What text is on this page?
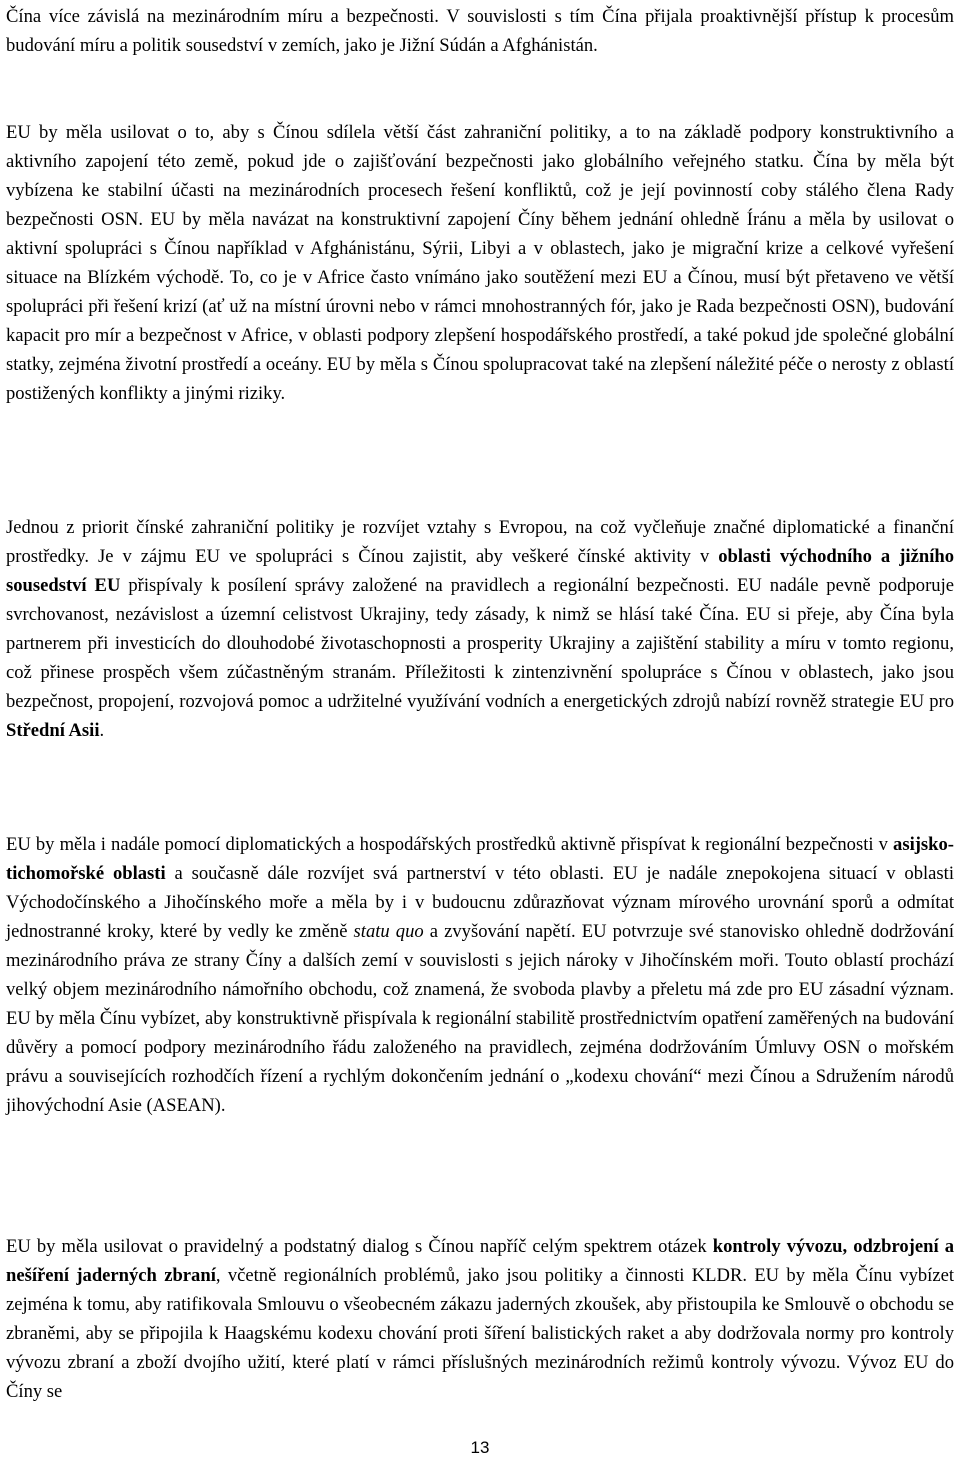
Čína více závislá na mezinárodním míru a bezpečnosti. V souvislosti s tím Čína přijala proaktivnější přístup k procesům budování míru a politik sousedství v zemích, jako je Jižní Súdán a Afghánistán.

EU by měla usilovat o to, aby s Čínou sdílela větší část zahraniční politiky, a to na základě podpory konstruktivního a aktivního zapojení této země, pokud jde o zajišťování bezpečnosti jako globálního veřejného statku. Čína by měla být vybízena ke stabilní účasti na mezinárodních procesech řešení konfliktů, což je její povinností coby stálého člena Rady bezpečnosti OSN. EU by měla navázat na konstruktivní zapojení Číny během jednání ohledně Íránu a měla by usilovat o aktivní spolupráci s Čínou například v Afghánistánu, Sýrii, Libyi a v oblastech, jako je migrační krize a celkové vyřešení situace na Blízkém východě. To, co je v Africe často vnímáno jako soutěžení mezi EU a Čínou, musí být přetaveno ve větší spolupráci při řešení krizí (ať už na místní úrovni nebo v rámci mnohostranných fór, jako je Rada bezpečnosti OSN), budování kapacit pro mír a bezpečnost v Africe, v oblasti podpory zlepšení hospodářského prostředí, a také pokud jde společné globální statky, zejména životní prostředí a oceány. EU by měla s Čínou spolupracovat také na zlepšení náležité péče o nerosty z oblastí postižených konflikty a jinými riziky.

Jednou z priorit čínské zahraniční politiky je rozvíjet vztahy s Evropou, na což vyčleňuje značné diplomatické a finanční prostředky. Je v zájmu EU ve spolupráci s Čínou zajistit, aby veškeré čínské aktivity v oblasti východního a jižního sousedství EU přispívaly k posílení správy založené na pravidlech a regionální bezpečnosti. EU nadále pevně podporuje svrchovanost, nezávislost a územní celistvost Ukrajiny, tedy zásady, k nimž se hlásí také Čína. EU si přeje, aby Čína byla partnerem při investicích do dlouhodobé životaschopnosti a prosperity Ukrajiny a zajištění stability a míru v tomto regionu, což přinese prospěch všem zúčastněným stranám. Příležitosti k zintenzivnění spolupráce s Čínou v oblastech, jako jsou bezpečnost, propojení, rozvojová pomoc a udržitelné využívání vodních a energetických zdrojů nabízí rovněž strategie EU pro Střední Asii.

EU by měla i nadále pomocí diplomatických a hospodářských prostředků aktivně přispívat k regionální bezpečnosti v asijsko-tichomořské oblasti a současně dále rozvíjet svá partnerství v této oblasti. EU je nadále znepokojena situací v oblasti Východočínského a Jihočínského moře a měla by i v budoucnu zdůrazňovat význam mírového urovnání sporů a odmítat jednostranné kroky, které by vedly ke změně statu quo a zvyšování napětí. EU potvrzuje své stanovisko ohledně dodržování mezinárodního práva ze strany Číny a dalších zemí v souvislosti s jejich nároky v Jihočínském moři. Touto oblastí prochází velký objem mezinárodního námořního obchodu, což znamená, že svoboda plavby a přeletu má zde pro EU zásadní význam. EU by měla Čínu vybízet, aby konstruktivně přispívala k regionální stabilitě prostřednictvím opatření zaměřených na budování důvěry a pomocí podpory mezinárodního řádu založeného na pravidlech, zejména dodržováním Úmluvy OSN o mořském právu a souvisejících rozhodčích řízení a rychlým dokončením jednání o „kodexu chování“ mezi Čínou a Sdružením národů jihovýchodní Asie (ASEAN).

EU by měla usilovat o pravidelný a podstatný dialog s Čínou napříč celým spektrem otázek kontroly vývozu, odzbrojení a nešíření jaderných zbraní, včetně regionálních problémů, jako jsou politiky a činnosti KLDR. EU by měla Čínu vybízet zejména k tomu, aby ratifikovala Smlouvu o všeobecném zákazu jaderných zkoušek, aby přistoupila ke Smlouvě o obchodu se zbraněmi, aby se připojila k Haagskému kodexu chování proti šíření balistických raket a aby dodržovala normy pro kontroly vývozu zbraní a zboží dvojího užití, které platí v rámci příslušných mezinárodních režimů kontroly vývozu. Vývoz EU do Číny se

13
